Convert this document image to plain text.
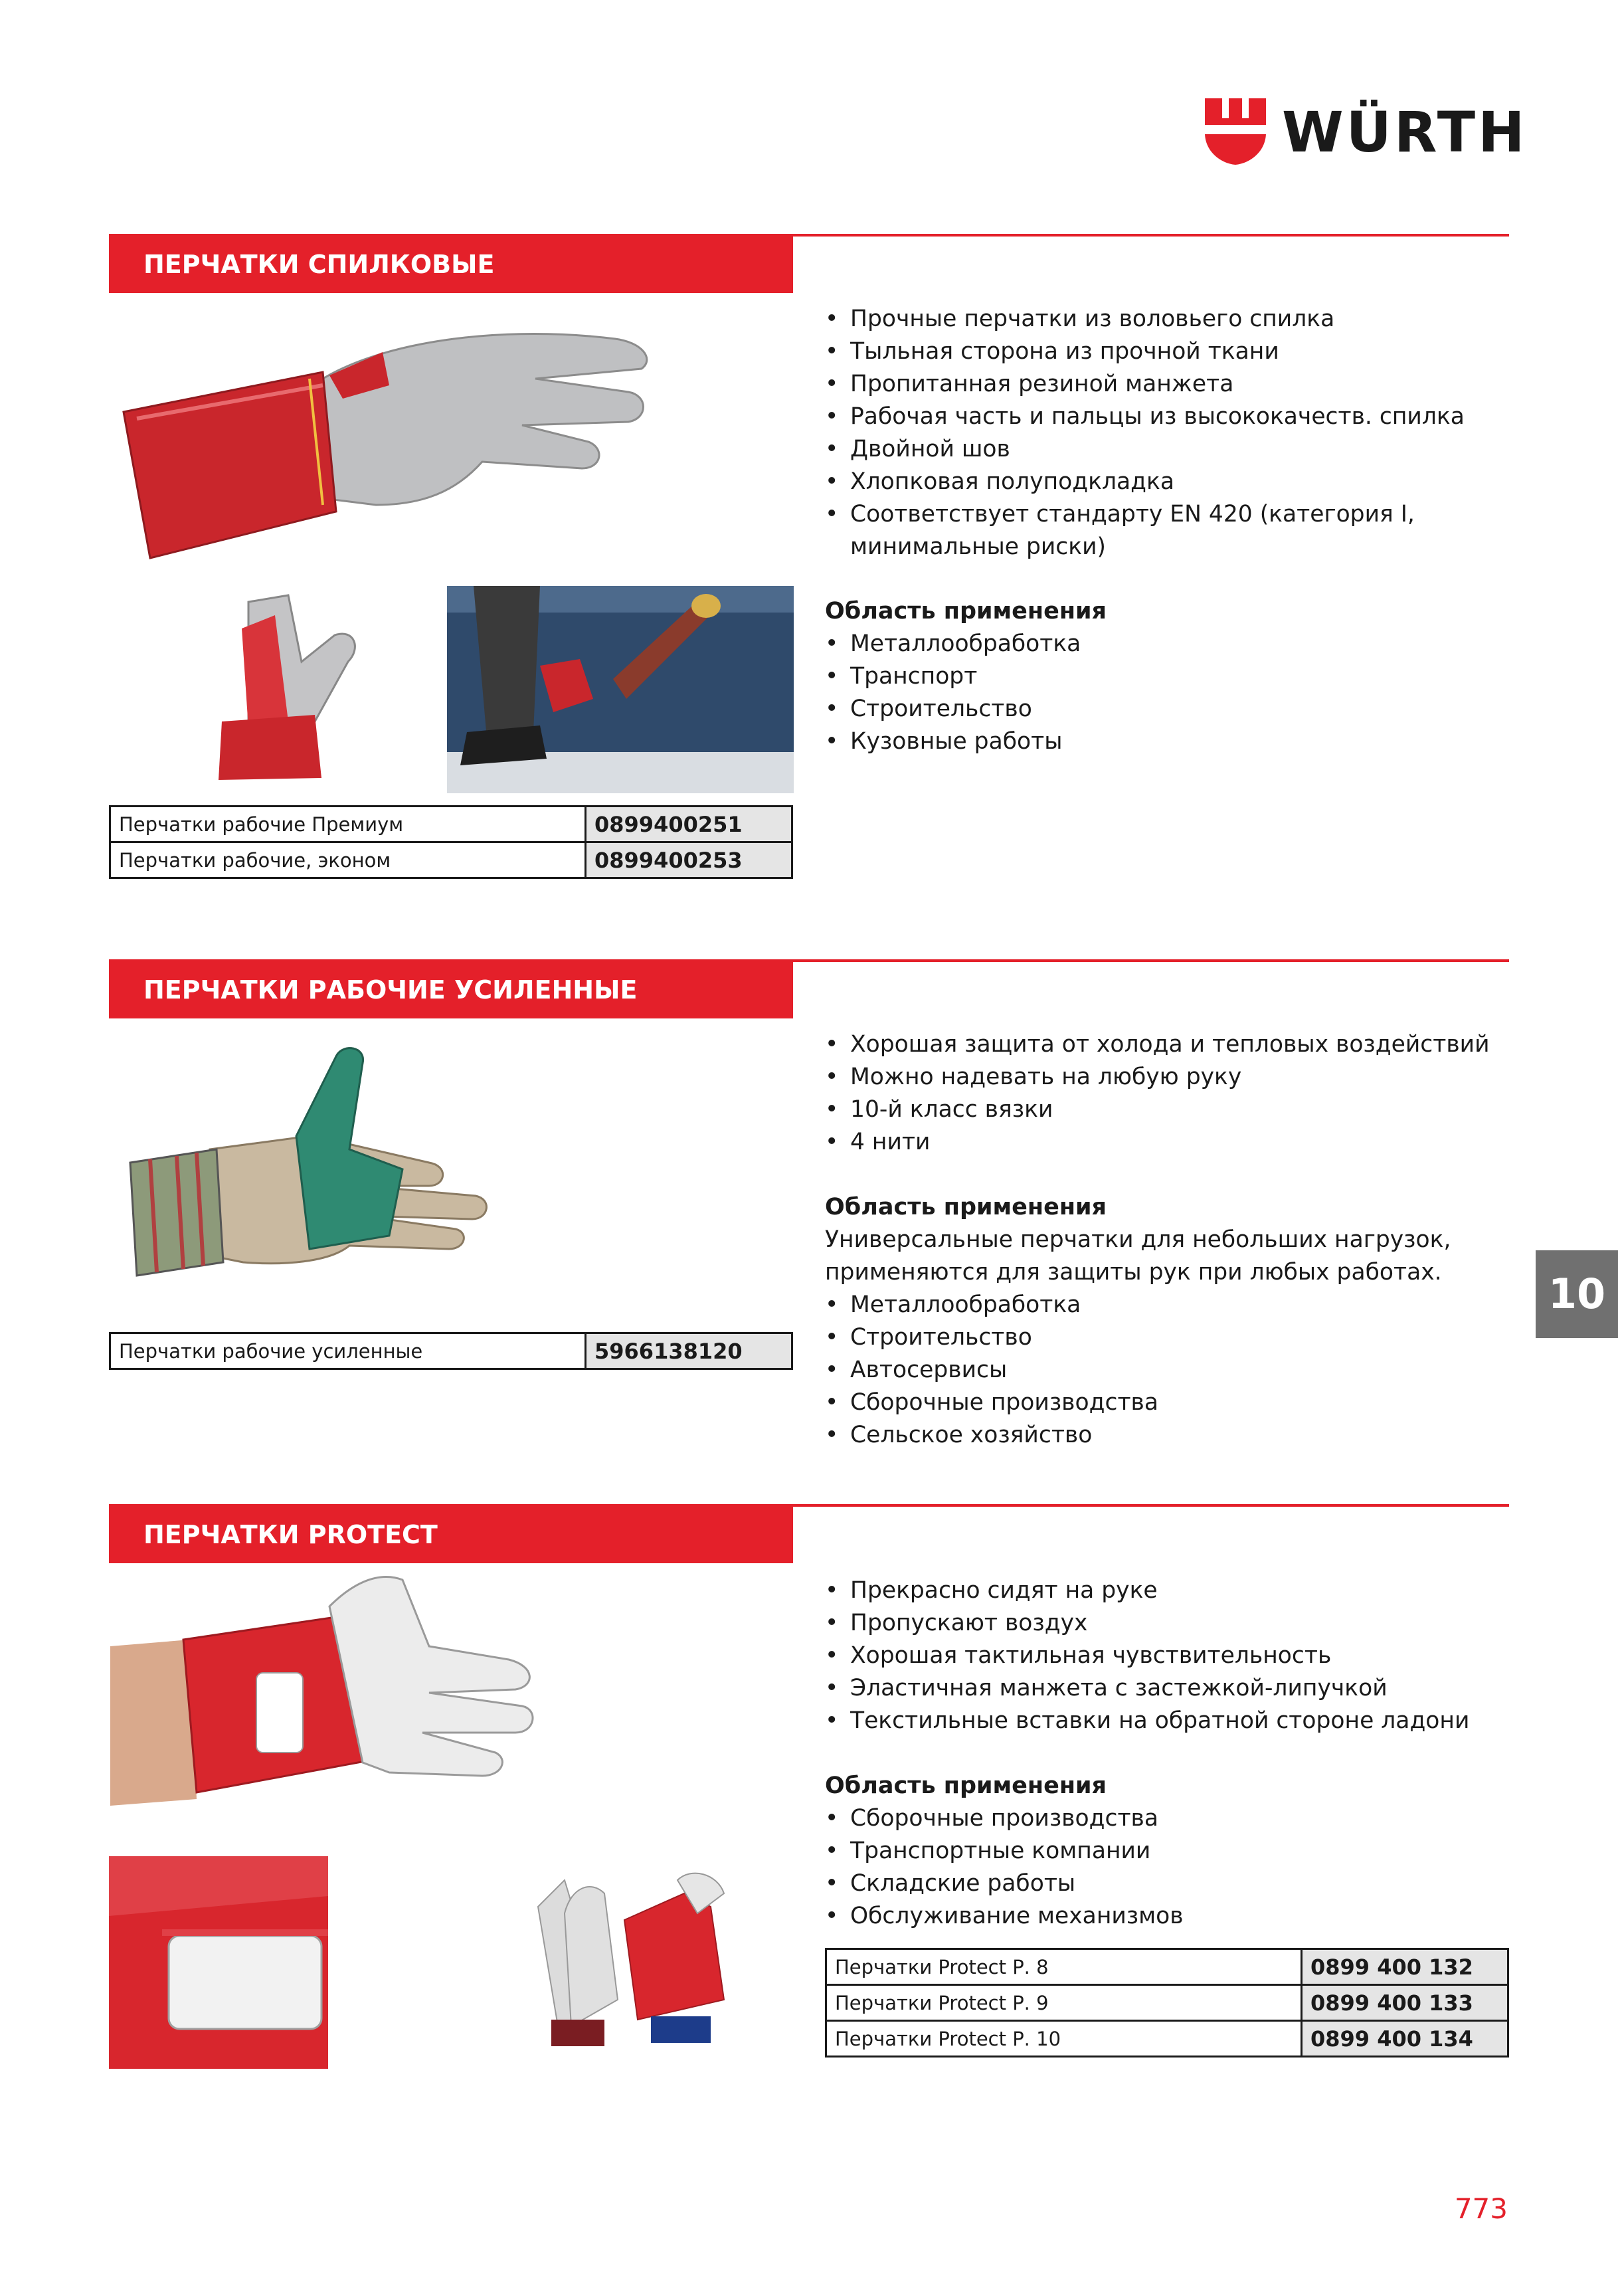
WÜRTH
ПЕРЧАТКИ СПИЛКОВЫЕ
• Прочные перчатки из воловьего спилка
• Тыльная сторона из прочной ткани
• Пропитанная резиной манжета
• Рабочая часть и пальцы из высококачеств. спилка
• Двойной шов
• Хлопковая полуподкладка
• Соответствует стандарту EN 420 (категория I, минимальные риски)
Область применения
• Металлообработка
• Транспорт
• Строительство
• Кузовные работы
Перчатки рабочие Премиум	0899400251
Перчатки рабочие, эконом	0899400253
ПЕРЧАТКИ РАБОЧИЕ УСИЛЕННЫЕ
• Хорошая защита от холода и тепловых воздействий
• Можно надевать на любую руку
• 10-й класс вязки
• 4 нити
Область применения
Универсальные перчатки для небольших нагрузок, применяются для защиты рук при любых работах.
• Металлообработка
• Строительство
• Автосервисы
• Сборочные производства
• Сельское хозяйство
Перчатки рабочие усиленные	5966138120
10
ПЕРЧАТКИ PROTECT
• Прекрасно сидят на руке
• Пропускают воздух
• Хорошая тактильная чувствительность
• Эластичная манжета с застежкой-липучкой
• Текстильные вставки на обратной стороне ладони
Область применения
• Сборочные производства
• Транспортные компании
• Складские работы
• Обслуживание механизмов
Перчатки Protect Р. 8	0899 400 132
Перчатки Protect Р. 9	0899 400 133
Перчатки Protect Р. 10	0899 400 134
773
